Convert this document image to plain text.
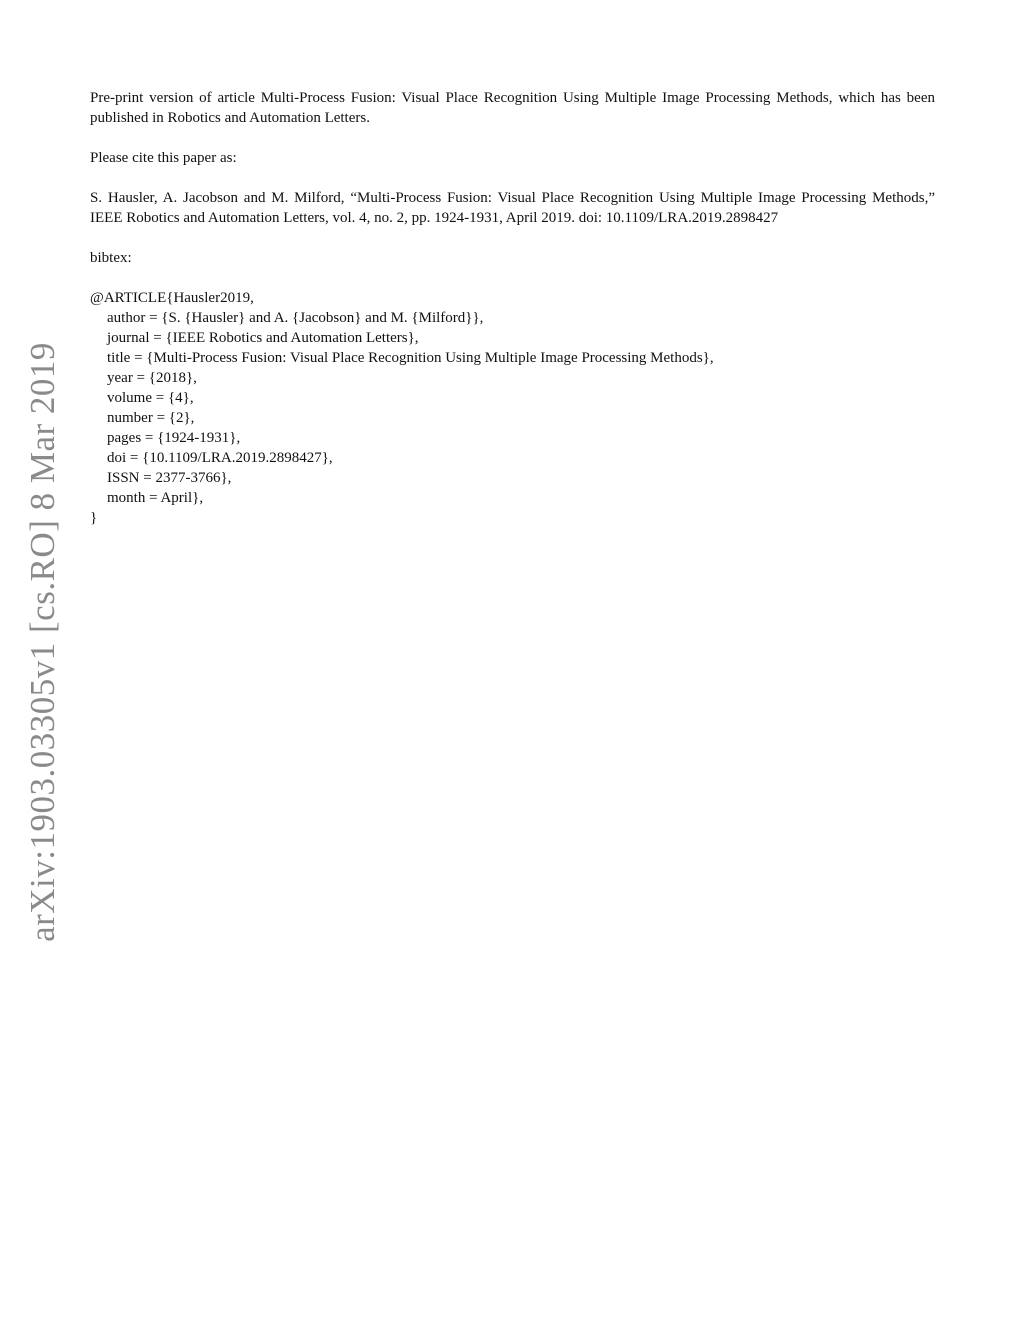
arXiv:1903.03305v1 [cs.RO] 8 Mar 2019

Pre-print version of article Multi-Process Fusion: Visual Place Recognition Using Multiple Image Processing Methods, which has been published in Robotics and Automation Letters.

Please cite this paper as:

S. Hausler, A. Jacobson and M. Milford, “Multi-Process Fusion: Visual Place Recognition Using Multiple Image Processing Methods,” IEEE Robotics and Automation Letters, vol. 4, no. 2, pp. 1924-1931, April 2019. doi: 10.1109/LRA.2019.2898427

bibtex:

@ARTICLE{Hausler2019,
author = {S. {Hausler} and A. {Jacobson} and M. {Milford}},
journal = {IEEE Robotics and Automation Letters},
title = {Multi-Process Fusion: Visual Place Recognition Using Multiple Image Processing Methods},
year = {2018},
volume = {4},
number = {2},
pages = {1924-1931},
doi = {10.1109/LRA.2019.2898427},
ISSN = 2377-3766},
month = April},
}
